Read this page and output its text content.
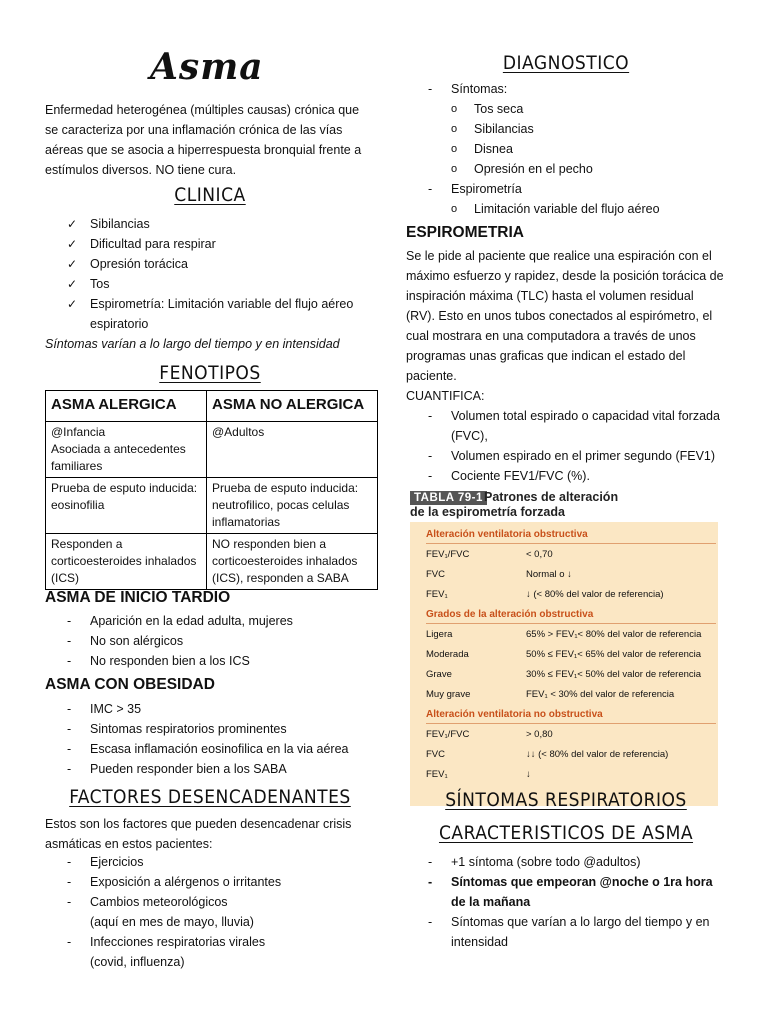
Asma

Enfermedad heterogénea (múltiples causas) crónica que se caracteriza por una inflamación crónica de las vías aéreas que se asocia a hiperrespuesta bronquial frente a estímulos diversos. NO tiene cura.

CLINICA
✓ Sibilancias
✓ Dificultad para respirar
✓ Opresión torácica
✓ Tos
✓ Espirometría: Limitación variable del flujo aéreo espiratorio

Síntomas varían a lo largo del tiempo y en intensidad

FENOTIPOS
ASMA ALERGICA	ASMA NO ALERGICA
@Infancia
Asociada a antecedentes familiares	@Adultos
Prueba de esputo inducida: eosinofilia	Prueba de esputo inducida: neutrofilico, pocas celulas inflamatorias
Responden a corticoesteroides inhalados (ICS)	NO responden bien a corticoesteroides inhalados (ICS), responden a SABA

ASMA DE INICIO TARDIO

- Aparición en la edad adulta, mujeres
- No son alérgicos
- No responden bien a los ICS

ASMA CON OBESIDAD

- IMC > 35
- Sintomas respiratorios prominentes
- Escasa inflamación eosinofilica en la via aérea
- Pueden responder bien a los SABA
FACTORES DESENCADENANTES

Estos son los factores que pueden desencadenar crisis asmáticas en estos pacientes:

- Ejercicios
- Exposición a alérgenos o irritantes
- Cambios meteorológicos
(aquí en mes de mayo, lluvia)
- Infecciones respiratorias virales
(covid, influenza)
DIAGNOSTICO
- Síntomas:
o Tos seca
o Sibilancias
o Disnea
o Opresión en el pecho
- Espirometría
o Limitación variable del flujo aéreo

ESPIROMETRIA

Se le pide al paciente que realice una espiración con el máximo esfuerzo y rapidez, desde la posición torácica de inspiración máxima (TLC) hasta el volumen residual (RV). Esto en unos tubos conectados al espirómetro, el cual mostrara en una computadora a través de unos programas unas graficas que indican el estado del paciente.

CUANTIFICA:

- Volumen total espirado o capacidad vital forzada (FVC),
- Volumen espirado en el primer segundo (FEV1)
- Cociente FEV1/FVC (%).
TABLA 79-1 Patrones de alteración
de la espirometría forzada
Alteración ventilatoria obstructiva
FEV₁/FVC	< 0,70
FVC	Normal o ↓
FEV₁	↓ (< 80% del valor de referencia)
Grados de la alteración obstructiva
Ligera	65% > FEV₁< 80% del valor de referencia
Moderada	50% ≤ FEV₁< 65% del valor de referencia
Grave	30% ≤ FEV₁< 50% del valor de referencia
Muy grave	FEV₁ < 30% del valor de referencia
Alteración ventilatoria no obstructiva
FEV₁/FVC	> 0,80
FVC	↓↓ (< 80% del valor de referencia)
FEV₁	↓
SÍNTOMAS RESPIRATORIOS
CARACTERISTICOS DE ASMA
- +1 síntoma (sobre todo @adultos)
- Síntomas que empeoran @noche o 1ra hora de la mañana
- Síntomas que varían a lo largo del tiempo y en intensidad
